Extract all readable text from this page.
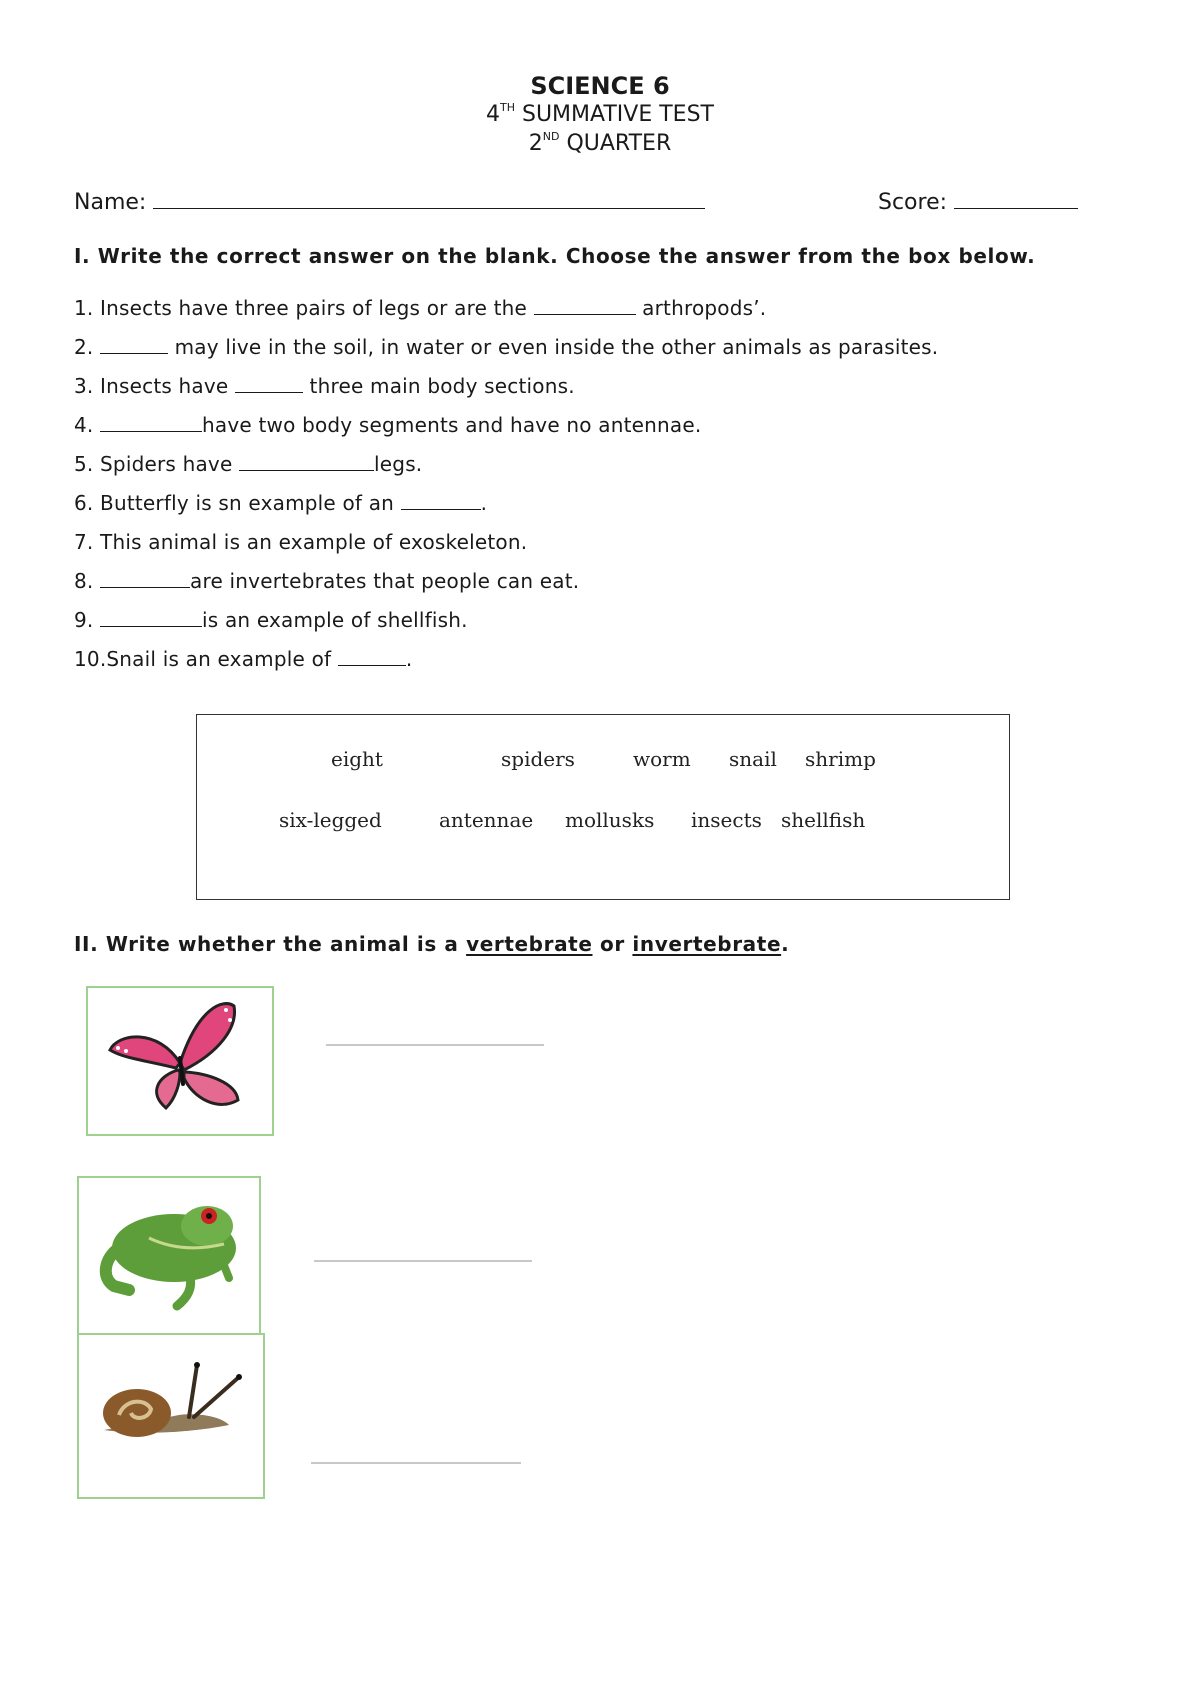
SCIENCE 6
4TH SUMMATIVE TEST
2ND QUARTER
Name:	Score:
I. Write the correct answer on the blank. Choose the answer from the box below.
1. Insects have three pairs of legs or are the	arthropods’.
2.	may live in the soil, in water or even inside the other animals as parasites.
3. Insects have	three main body sections.
4.	have two body segments and have no antennae.
5. Spiders have	legs.
6. Butterfly is sn example of an	.
7. This animal is an example of exoskeleton.
8.	are invertebrates that people can eat.
9.	is an example of shellfish.
10.Snail is an example of	.
eight	spiders	worm snail shrimp
six-legged	antennae mollusks insects shellfish
II. Write whether the animal is a vertebrate or invertebrate.
